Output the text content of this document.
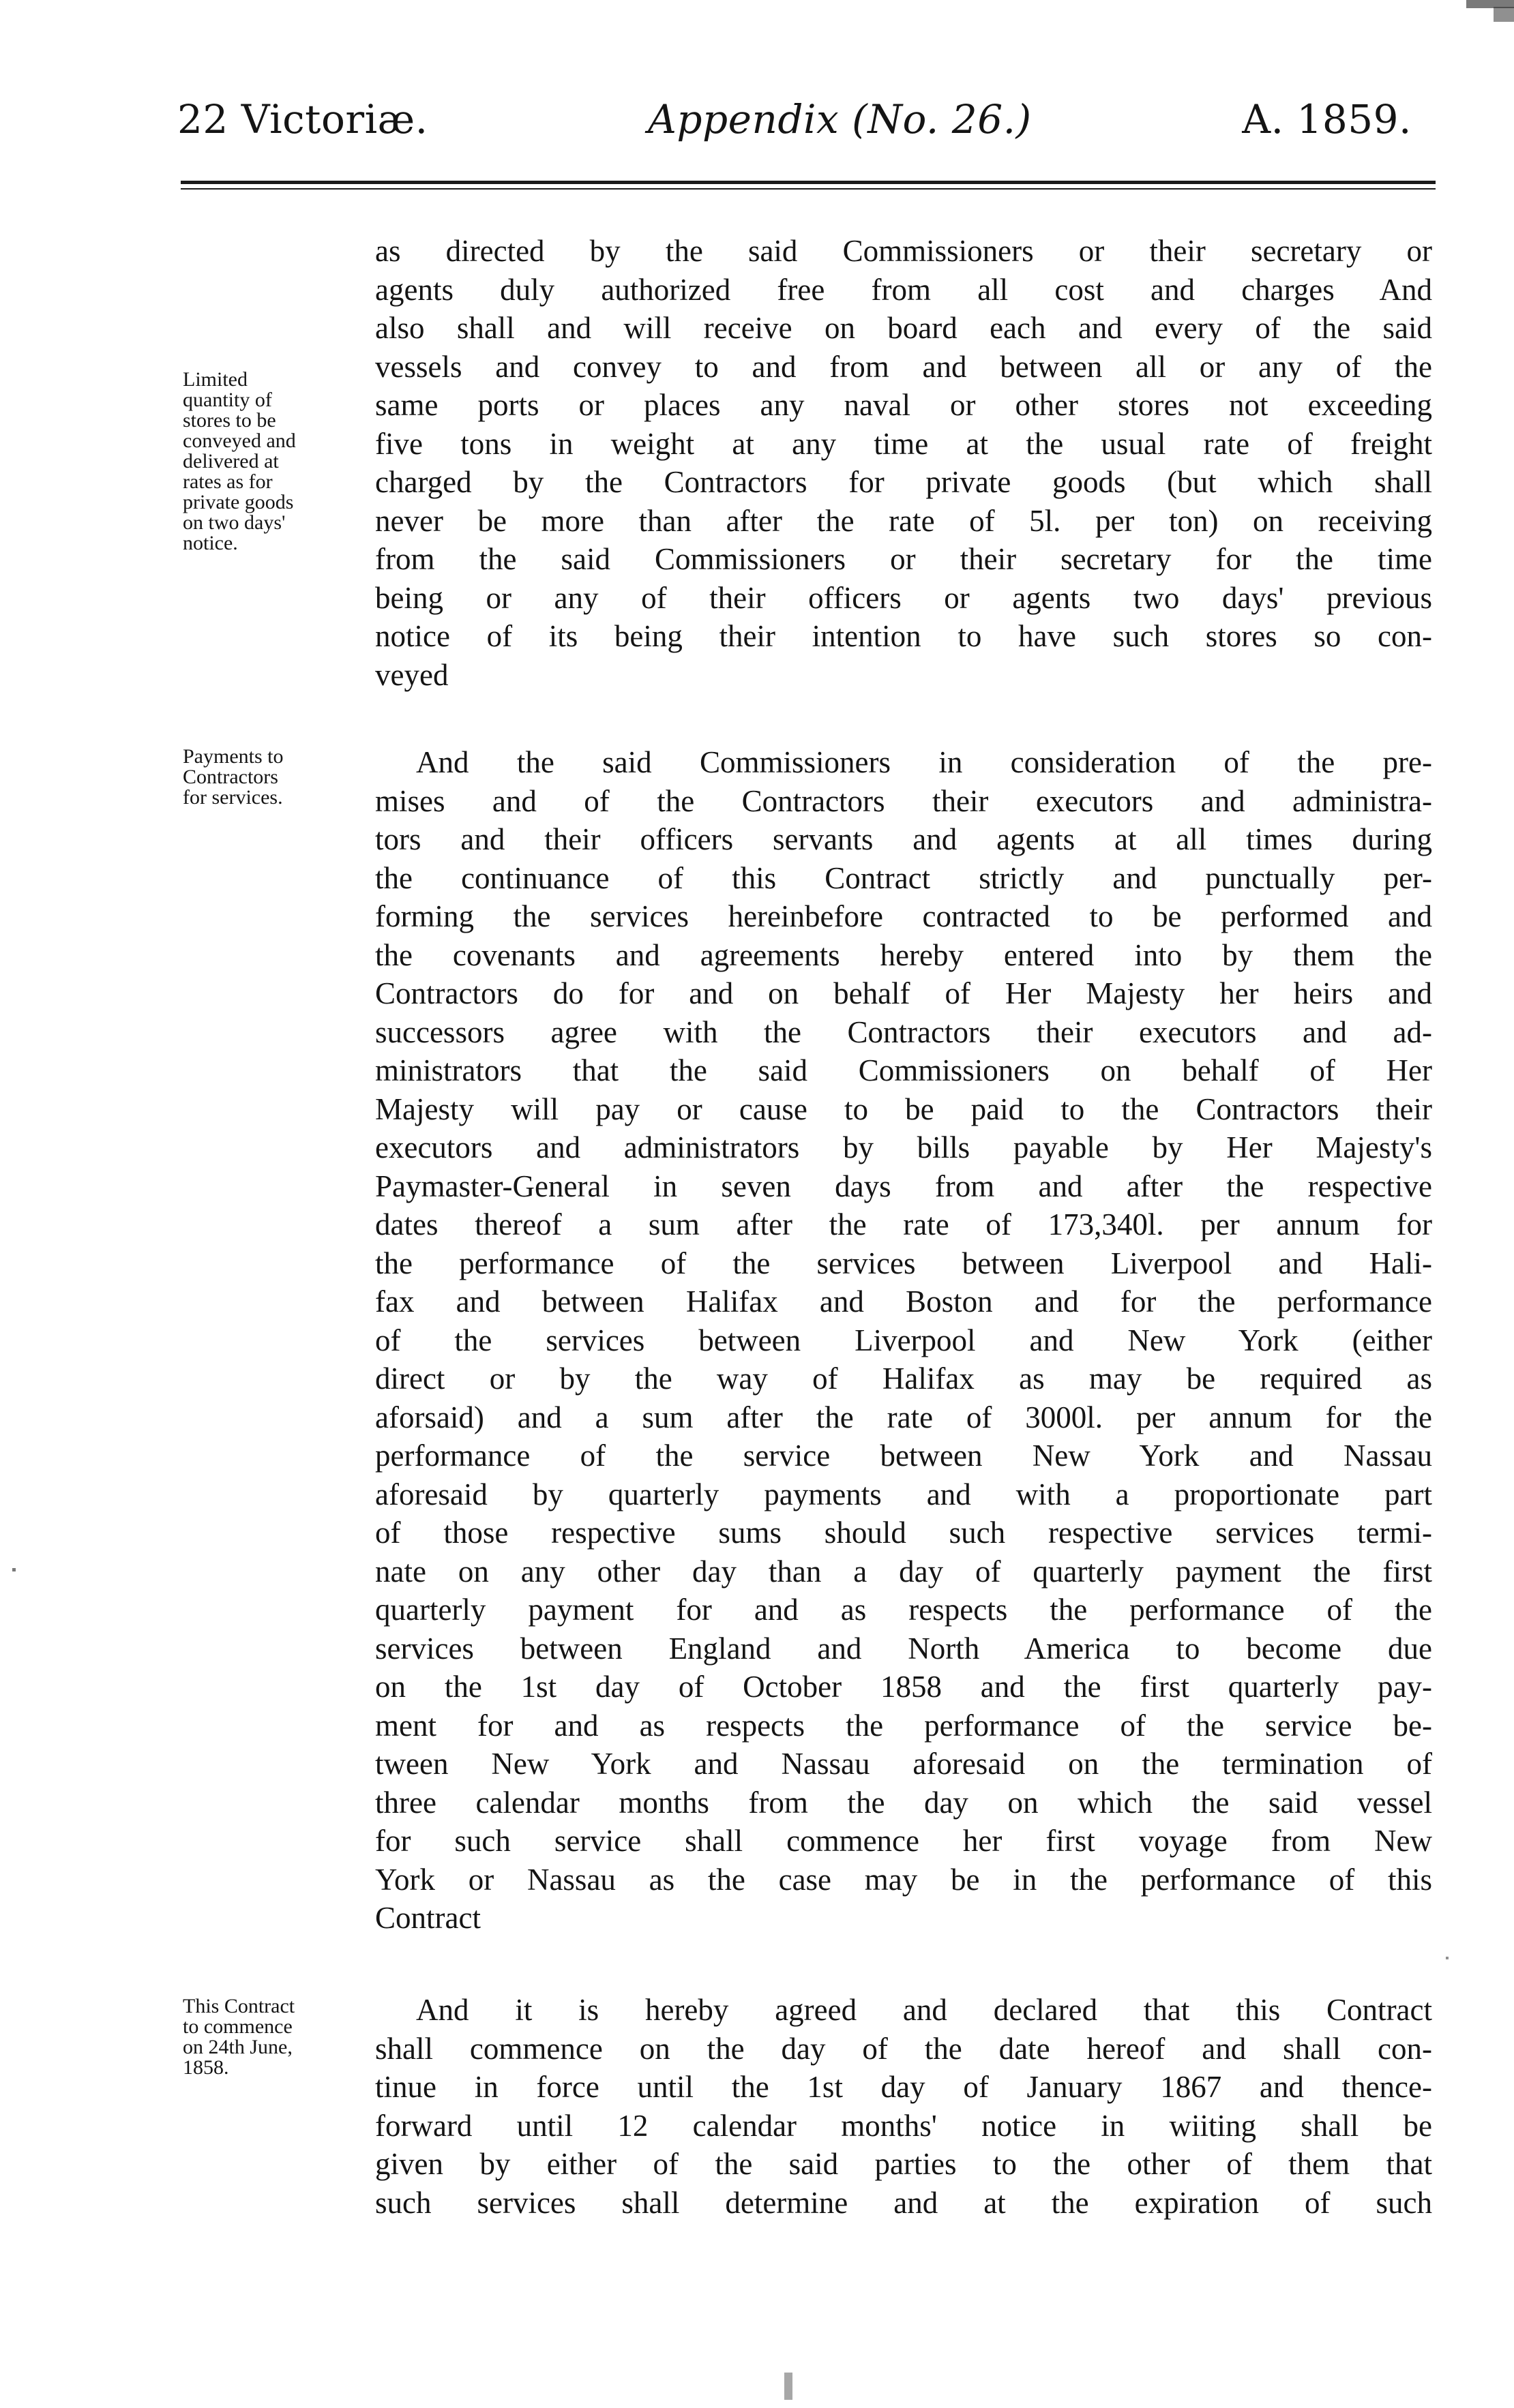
22 Victoriæ.	Appendix (No. 26.)	A. 1859.
Limited
quantity of
stores to be
conveyed and
delivered at
rates as for
private goods
on two days'
notice.
Payments to
Contractors
for services.
This Contract
to commence
on 24th June,
1858.
as directed by the said Commissioners or their secretary or
agents duly authorized free from all cost and charges And
also shall and will receive on board each and every of the said
vessels and convey to and from and between all or any of the
same ports or places any naval or other stores not exceeding
five tons in weight at any time at the usual rate of freight
charged by the Contractors for private goods (but which shall
never be more than after the rate of 5l. per ton) on receiving
from the said Commissioners or their secretary for the time
being or any of their officers or agents two days' previous
notice of its being their intention to have such stores so con-
veyed
And the said Commissioners in consideration of the pre-
mises and of the Contractors their executors and administra-
tors and their officers servants and agents at all times during
the continuance of this Contract strictly and punctually per-
forming the services hereinbefore contracted to be performed and
the covenants and agreements hereby entered into by them the
Contractors do for and on behalf of Her Majesty her heirs and
successors agree with the Contractors their executors and ad-
ministrators that the said Commissioners on behalf of Her
Majesty will pay or cause to be paid to the Contractors their
executors and administrators by bills payable by Her Majesty's
Paymaster-General in seven days from and after the respective
dates thereof a sum after the rate of 173,340l. per annum for
the performance of the services between Liverpool and Hali-
fax and between Halifax and Boston and for the performance
of the services between Liverpool and New York (either
direct or by the way of Halifax as may be required as
aforsaid) and a sum after the rate of 3000l. per annum for the
performance of the service between New York and Nassau
aforesaid by quarterly payments and with a proportionate part
of those respective sums should such respective services termi-
nate on any other day than a day of quarterly payment the first
quarterly payment for and as respects the performance of the
services between England and North America to become due
on the 1st day of October 1858 and the first quarterly pay-
ment for and as respects the performance of the service be-
tween New York and Nassau aforesaid on the termination of
three calendar months from the day on which the said vessel
for such service shall commence her first voyage from New
York or Nassau as the case may be in the performance of this
Contract
And it is hereby agreed and declared that this Contract
shall commence on the day of the date hereof and shall con-
tinue in force until the 1st day of January 1867 and thence-
forward until 12 calendar months' notice in wiiting shall be
given by either of the said parties to the other of them that
such services shall determine and at the expiration of such
